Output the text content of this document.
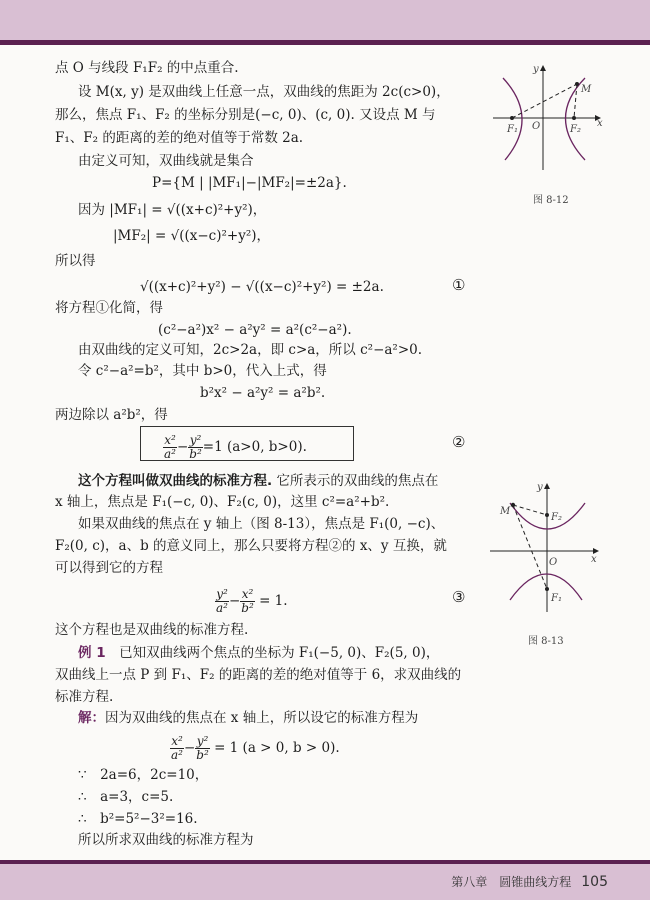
点 O 与线段 F₁F₂ 的中点重合.
设 M(x, y) 是双曲线上任意一点，双曲线的焦距为 2c(c>0)，
那么，焦点 F₁、F₂ 的坐标分别是(−c, 0)、(c, 0). 又设点 M 与
F₁、F₂ 的距离的差的绝对值等于常数 2a.
由定义可知，双曲线就是集合
P={M | |MF₁|−|MF₂|=±2a}.
因为 |MF₁| = √((x+c)²+y²)，
|MF₂| = √((x−c)²+y²)，
所以得
√((x+c)²+y²) − √((x−c)²+y²) = ±2a.	①
将方程①化简，得
(c²−a²)x² − a²y² = a²(c²−a²).
由双曲线的定义可知，2c>2a，即 c>a，所以 c²−a²>0.
令 c²−a²=b²，其中 b>0，代入上式，得
b²x² − a²y² = a²b².
两边除以 a²b²，得
$\frac{\text{x²}}{\text{a²}} - \frac{\text{y²}}{\text{b²}} =1$ (a>0, b>0).	②
这个方程叫做双曲线的标准方程. 它所表示的双曲线的焦点在
x 轴上，焦点是 F₁(−c, 0)、F₂(c, 0)，这里 c²=a²+b².
如果双曲线的焦点在 y 轴上（图 8-13），焦点是 F₁(0, −c)、
F₂(0, c)，a、b 的意义同上，那么只要将方程②的 x、y 互换，就
可以得到它的方程
$\frac{\text{y²}}{\text{a²}} - \frac{\text{x²}}{\text{b²}} = 1$.	③
这个方程也是双曲线的标准方程.
例 1　 已知双曲线两个焦点的坐标为 F₁(−5, 0)、F₂(5, 0)，
双曲线上一点 P 到 F₁、F₂ 的距离的差的绝对值等于 6，求双曲线的
标准方程.
解：因为双曲线的焦点在 x 轴上，所以设它的标准方程为
$\frac{\text{x²}}{\text{a²}} - \frac{\text{y²}}{\text{b²}} = 1$ (a > 0, b > 0).
∵　2a=6，2c=10，
∴　a=3，c=5.
∴　b²=5²−3²=16.
所以所求双曲线的标准方程为
y
x
M
F₁ O	F₂
图 8-12
y
x
M
F₂
O
F₁
图 8-13
第八章　圆锥曲线方程 105
